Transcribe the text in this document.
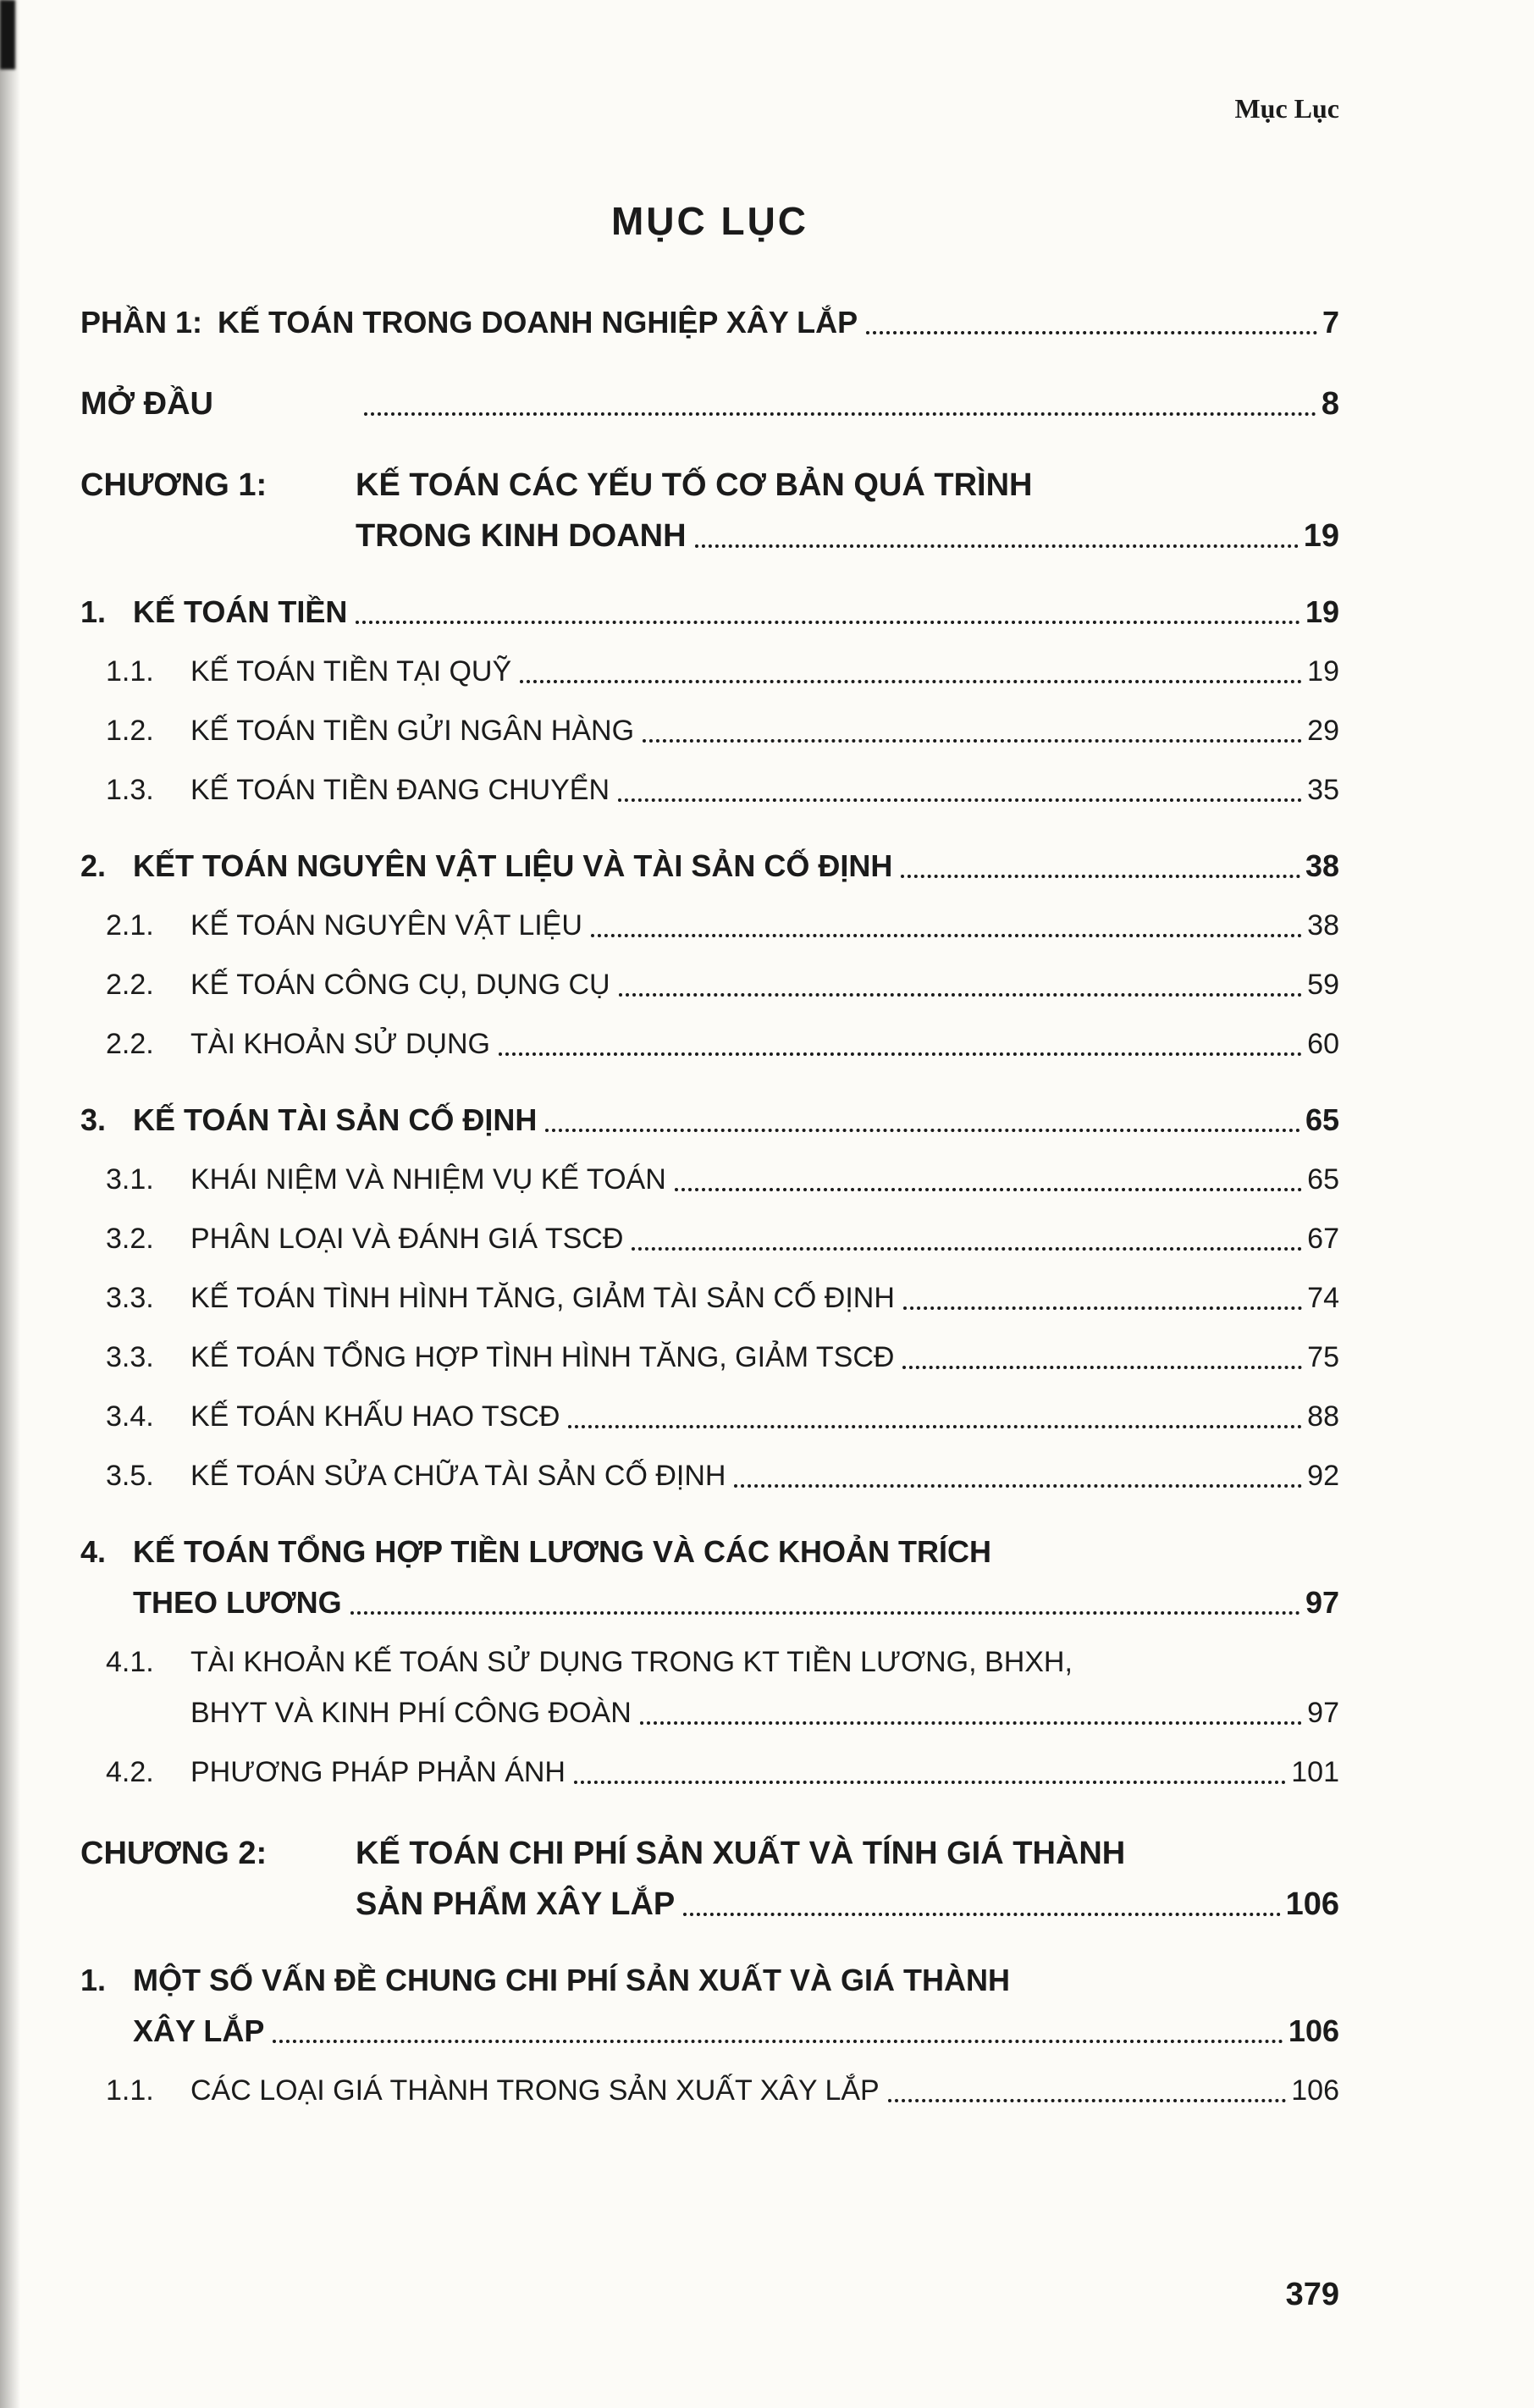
Mục Lục
MỤC LỤC
PHẦN 1: KẾ TOÁN TRONG DOANH NGHIỆP XÂY LẮP	7
MỞ ĐẦU	8
CHƯƠNG 1:	KẾ TOÁN CÁC YẾU TỐ CƠ BẢN QUÁ TRÌNH
TRONG KINH DOANH	19
1. KẾ TOÁN TIỀN	19
1.1.	KẾ TOÁN TIỀN TẠI QUỸ	19
1.2.	KẾ TOÁN TIỀN GỬI NGÂN HÀNG	29
1.3.	KẾ TOÁN TIỀN ĐANG CHUYỂN	35
2. KẾT TOÁN NGUYÊN VẬT LIỆU VÀ TÀI SẢN CỐ ĐỊNH	38
2.1.	KẾ TOÁN NGUYÊN VẬT LIỆU	38
2.2.	KẾ TOÁN CÔNG CỤ, DỤNG CỤ	59
2.2.	TÀI KHOẢN SỬ DỤNG	60
3. KẾ TOÁN TÀI SẢN CỐ ĐỊNH	65
3.1.	KHÁI NIỆM VÀ NHIỆM VỤ KẾ TOÁN	65
3.2.	PHÂN LOẠI VÀ ĐÁNH GIÁ TSCĐ	67
3.3.	KẾ TOÁN TÌNH HÌNH TĂNG, GIẢM TÀI SẢN CỐ ĐỊNH	74
3.3.	KẾ TOÁN TỔNG HỢP TÌNH HÌNH TĂNG, GIẢM TSCĐ	75
3.4.	KẾ TOÁN KHẤU HAO TSCĐ	88
3.5.	KẾ TOÁN SỬA CHỮA TÀI SẢN CỐ ĐỊNH	92
4. KẾ TOÁN TỔNG HỢP TIỀN LƯƠNG VÀ CÁC KHOẢN TRÍCH
THEO LƯƠNG	97
4.1.	TÀI KHOẢN KẾ TOÁN SỬ DỤNG TRONG KT TIỀN LƯƠNG, BHXH,
BHYT VÀ KINH PHÍ CÔNG ĐOÀN	97
4.2.	PHƯƠNG PHÁP PHẢN ÁNH	101
CHƯƠNG 2:	KẾ TOÁN CHI PHÍ SẢN XUẤT VÀ TÍNH GIÁ THÀNH
SẢN PHẨM XÂY LẮP	106
1. MỘT SỐ VẤN ĐỀ CHUNG CHI PHÍ SẢN XUẤT VÀ GIÁ THÀNH
XÂY LẮP	106
1.1.	CÁC LOẠI GIÁ THÀNH TRONG SẢN XUẤT XÂY LẮP	106
379
